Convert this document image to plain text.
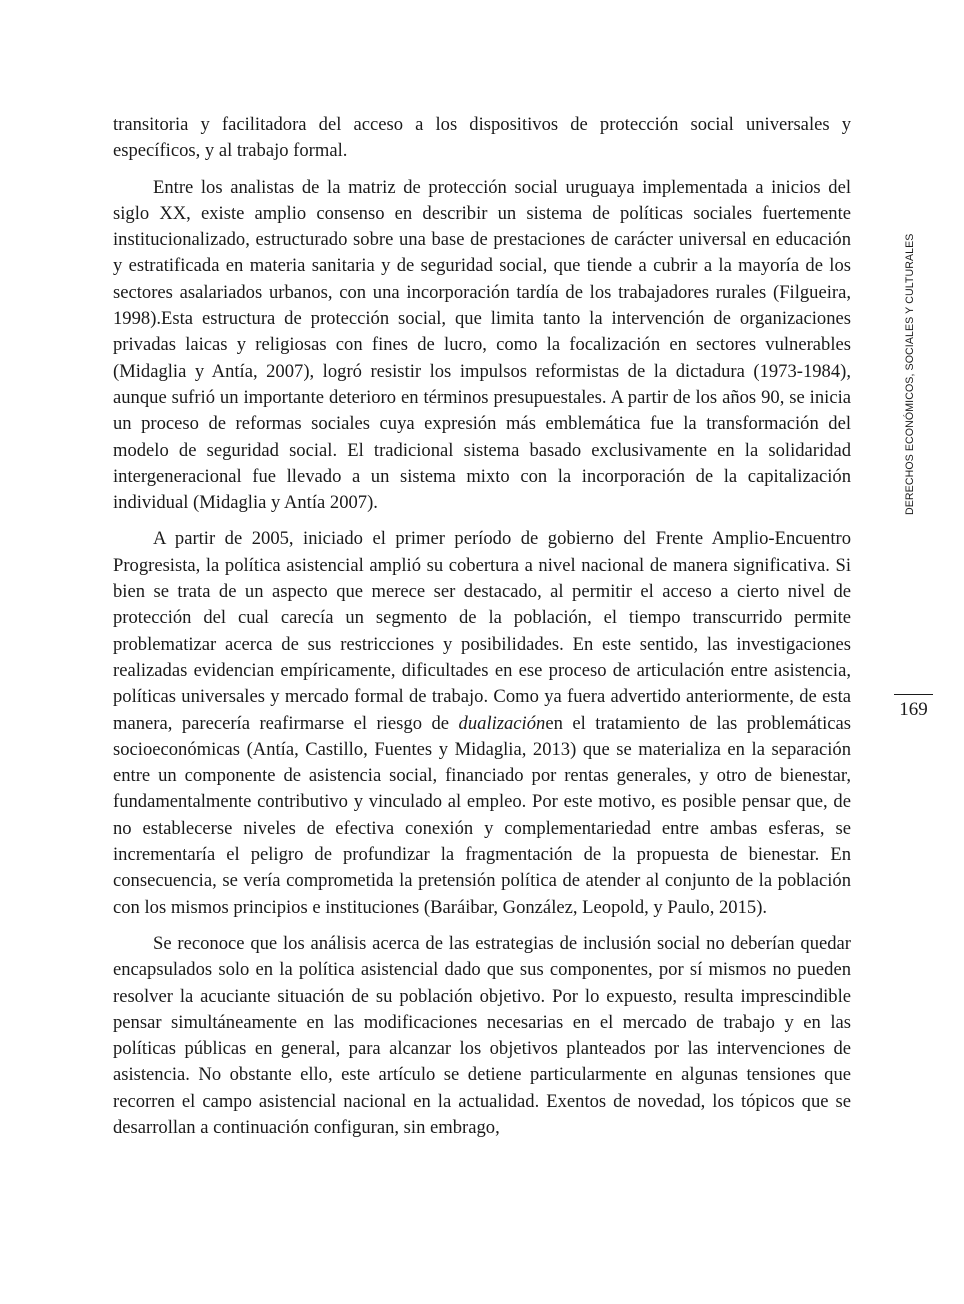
transitoria y facilitadora del acceso a los dispositivos de protección social universales y específicos, y al trabajo formal.

Entre los analistas de la matriz de protección social uruguaya implementada a inicios del siglo XX, existe amplio consenso en describir un sistema de políticas sociales fuertemente institucionalizado, estructurado sobre una base de prestaciones de carácter universal en educación y estratificada en materia sanitaria y de seguridad social, que tiende a cubrir a la mayoría de los sectores asalariados urbanos, con una incorporación tardía de los trabajadores rurales (Filgueira, 1998).Esta estructura de protección social, que limita tanto la intervención de organizaciones privadas laicas y religiosas con fines de lucro, como la focalización en sectores vulnerables (Midaglia y Antía, 2007), logró resistir los impulsos reformistas de la dictadura (1973-1984), aunque sufrió un importante deterioro en términos presupuestales. A partir de los años 90, se inicia un proceso de reformas sociales cuya expresión más emblemática fue la transformación del modelo de seguridad social. El tradicional sistema basado exclusivamente en la solidaridad intergeneracional fue llevado a un sistema mixto con la incorporación de la capitalización individual (Midaglia y Antía 2007).

A partir de 2005, iniciado el primer período de gobierno del Frente Amplio-Encuentro Progresista, la política asistencial amplió su cobertura a nivel nacional de manera significativa. Si bien se trata de un aspecto que merece ser destacado, al permitir el acceso a cierto nivel de protección del cual carecía un segmento de la población, el tiempo transcurrido permite problematizar acerca de sus restricciones y posibilidades. En este sentido, las investigaciones realizadas evidencian empíricamente, dificultades en ese proceso de articulación entre asistencia, políticas universales y mercado formal de trabajo. Como ya fuera advertido anteriormente, de esta manera, parecería reafirmarse el riesgo de dualizaciónen el tratamiento de las problemáticas socioeconómicas (Antía, Castillo, Fuentes y Midaglia, 2013) que se materializa en la separación entre un componente de asistencia social, financiado por rentas generales, y otro de bienestar, fundamentalmente contributivo y vinculado al empleo. Por este motivo, es posible pensar que, de no establecerse niveles de efectiva conexión y complementariedad entre ambas esferas, se incrementaría el peligro de profundizar la fragmentación de la propuesta de bienestar. En consecuencia, se vería comprometida la pretensión política de atender al conjunto de la población con los mismos principios e instituciones (Baráibar, González, Leopold, y Paulo, 2015).

Se reconoce que los análisis acerca de las estrategias de inclusión social no deberían quedar encapsulados solo en la política asistencial dado que sus componentes, por sí mismos no pueden resolver la acuciante situación de su población objetivo. Por lo expuesto, resulta imprescindible pensar simultáneamente en las modificaciones necesarias en el mercado de trabajo y en las políticas públicas en general, para alcanzar los objetivos planteados por las intervenciones de asistencia. No obstante ello, este artículo se detiene particularmente en algunas tensiones que recorren el campo asistencial nacional en la actualidad. Exentos de novedad, los tópicos que se desarrollan a continuación configuran, sin embrago,

DERECHOS ECONÓMICOS, SOCIALES Y CULTURALES
169
